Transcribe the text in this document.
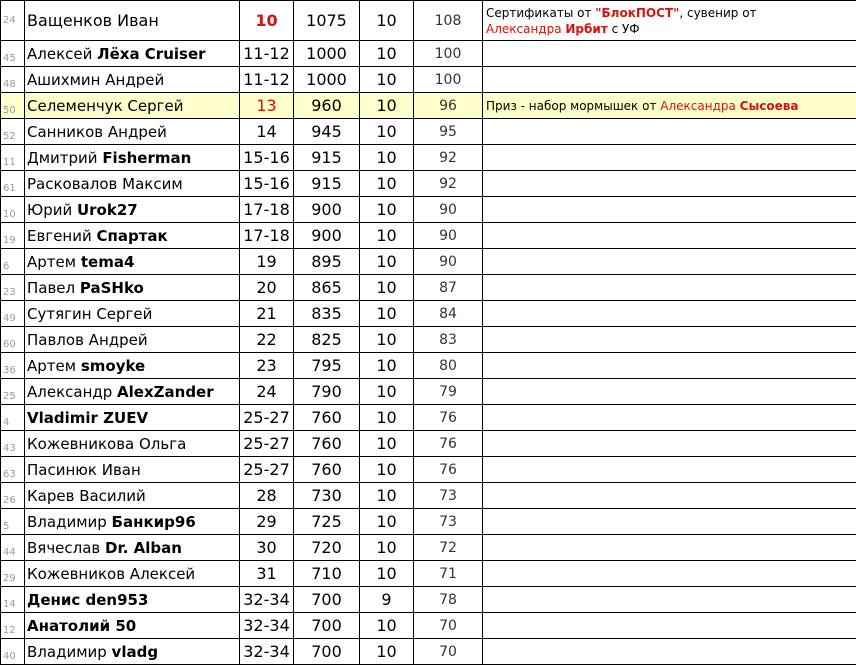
24	Ващенков Иван	10	1075	10	108	Сертификаты от "БлокПОСТ", сувенир от
Александра Ирбит с УФ
45	Алексей Лёха Cruiser	11-12	1000	10	100	
48	Ашихмин Андрей	11-12	1000	10	100	
50	Селеменчук Сергей	13	960	10	96	Приз - набор мормышек от Александра Сысоева
52	Санников Андрей	14	945	10	95	
11	Дмитрий Fisherman	15-16	915	10	92	
61	Расковалов Максим	15-16	915	10	92	
10	Юрий Urok27	17-18	900	10	90	
19	Евгений Спартак	17-18	900	10	90	
6	Артем tema4	19	895	10	90	
23	Павел PaSHko	20	865	10	87	
49	Сутягин Сергей	21	835	10	84	
60	Павлов Андрей	22	825	10	83	
36	Артем smoyke	23	795	10	80	
25	Александр AlexZander	24	790	10	79	
4	Vladimir ZUEV	25-27	760	10	76	
43	Кожевникова Ольга	25-27	760	10	76	
63	Пасинюк Иван	25-27	760	10	76	
26	Карев Василий	28	730	10	73	
5	Владимир Банкир96	29	725	10	73	
44	Вячеслав Dr. Alban	30	720	10	72	
29	Кожевников Алексей	31	710	10	71	
14	Денис den953	32-34	700	9	78	
12	Анатолий 50	32-34	700	10	70	
40	Владимир vladg	32-34	700	10	70	
